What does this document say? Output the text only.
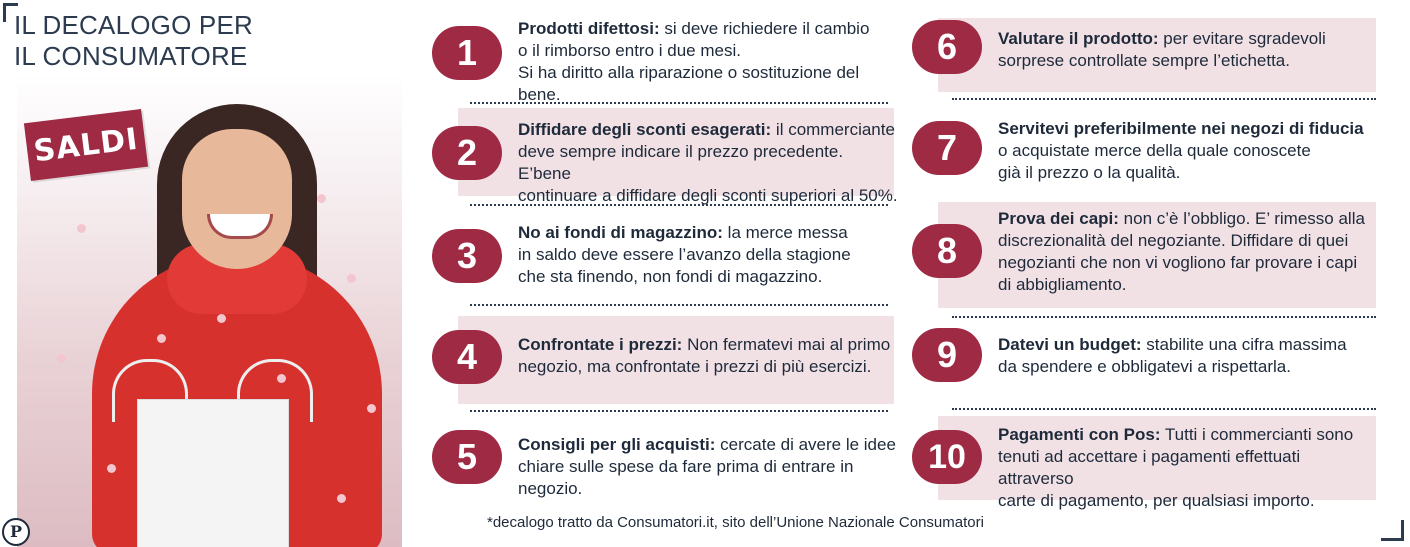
IL DECALOGO PER
IL CONSUMATORE
SALDI
P
1
Prodotti difettosi: si deve richiedere il cambio
o il rimborso entro i due mesi.
Si ha diritto alla riparazione o sostituzione del bene.
2
Diffidare degli sconti esagerati: il commerciante
deve sempre indicare il prezzo precedente. E’bene
continuare a diffidare degli sconti superiori al 50%.
3
No ai fondi di magazzino: la merce messa
in saldo deve essere l’avanzo della stagione
che sta finendo, non fondi di magazzino.
4	Confrontate i prezzi: Non fermatevi mai al primo
negozio, ma confrontate i prezzi di più esercizi.
5	Consigli per gli acquisti: cercate di avere le idee
chiare sulle spese da fare prima di entrare in negozio.
6	Valutare il prodotto: per evitare sgradevoli
sorprese controllate sempre l’etichetta.
7	Servitevi preferibilmente nei negozi di fiducia
o acquistate merce della quale conoscete
già il prezzo o la qualità.
8
Prova dei capi: non c’è l’obbligo. E’ rimesso alla
discrezionalità del negoziante. Diffidare di quei
negozianti che non vi vogliono far provare i capi
di abbigliamento.
9	Datevi un budget: stabilite una cifra massima
da spendere e obbligatevi a rispettarla.
10
Pagamenti con Pos: Tutti i commercianti sono
tenuti ad accettare i pagamenti effettuati attraverso
carte di pagamento, per qualsiasi importo.
*decalogo tratto da Consumatori.it, sito dell’Unione Nazionale Consumatori
